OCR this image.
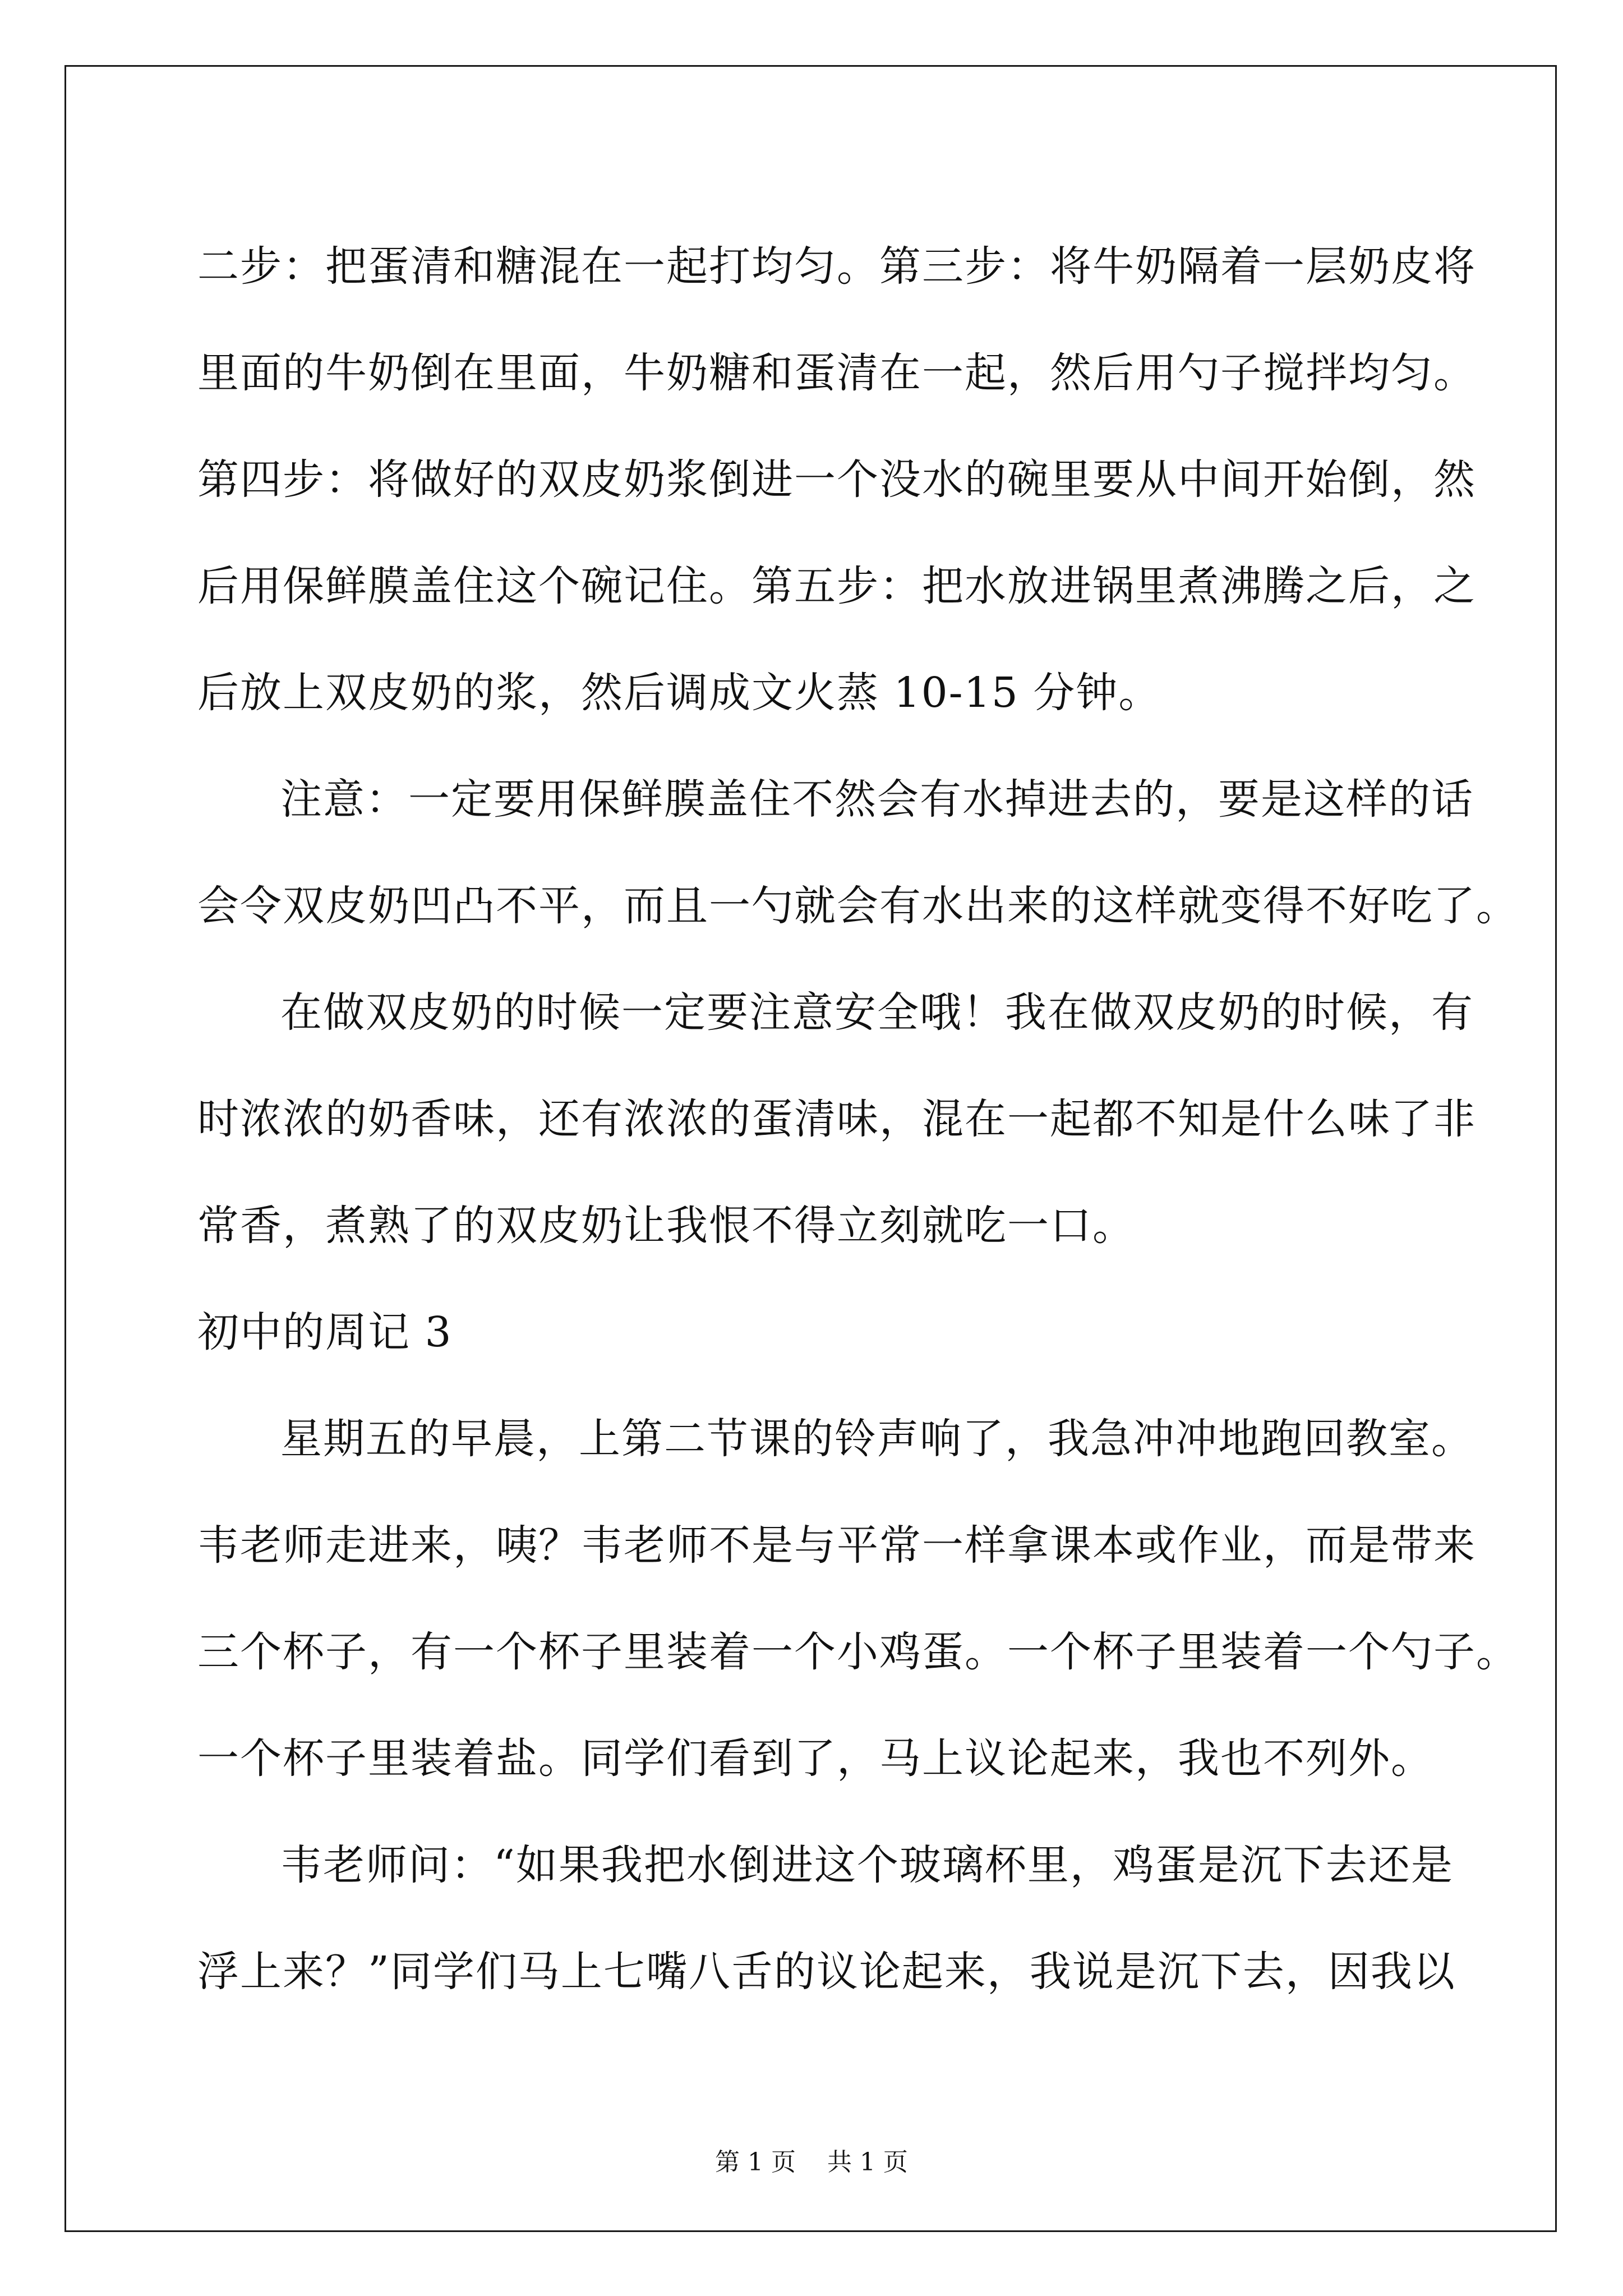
二步：把蛋清和糖混在一起打均匀。第三步：将牛奶隔着一层奶皮将
里面的牛奶倒在里面，牛奶糖和蛋清在一起，然后用勺子搅拌均匀。
第四步：将做好的双皮奶浆倒进一个没水的碗里要从中间开始倒，然
后用保鲜膜盖住这个碗记住。第五步：把水放进锅里煮沸腾之后，之
后放上双皮奶的浆，然后调成文火蒸 10-15 分钟。
注意：一定要用保鲜膜盖住不然会有水掉进去的，要是这样的话
会令双皮奶凹凸不平，而且一勺就会有水出来的这样就变得不好吃了。
在做双皮奶的时候一定要注意安全哦！我在做双皮奶的时候，有
时浓浓的奶香味，还有浓浓的蛋清味，混在一起都不知是什么味了非
常香，煮熟了的双皮奶让我恨不得立刻就吃一口。
初中的周记 3
星期五的早晨，上第二节课的铃声响了，我急冲冲地跑回教室。
韦老师走进来，咦？韦老师不是与平常一样拿课本或作业，而是带来
三个杯子，有一个杯子里装着一个小鸡蛋。一个杯子里装着一个勺子。
一个杯子里装着盐。同学们看到了，马上议论起来，我也不列外。
韦老师问：“如果我把水倒进这个玻璃杯里，鸡蛋是沉下去还是
浮上来？”同学们马上七嘴八舌的议论起来，我说是沉下去，因我以
第 1 页    共 1 页
